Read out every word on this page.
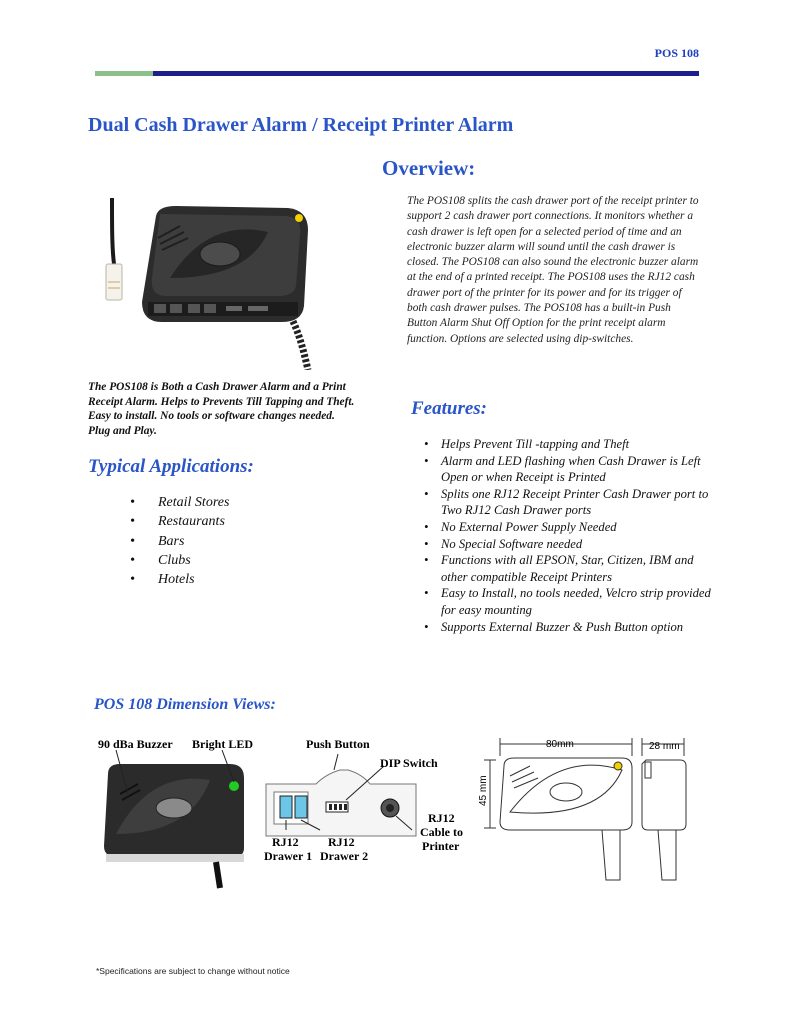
POS 108
Dual Cash Drawer Alarm / Receipt Printer Alarm
Overview:
The POS108 splits the cash drawer port of the receipt printer to support 2 cash drawer port connections. It monitors whether a cash drawer is left open for a selected period of time and an electronic buzzer alarm will sound until the cash drawer is closed. The POS108 can also sound the electronic buzzer alarm at the end of a printed receipt. The POS108 uses the RJ12 cash drawer port of the printer for its power and for its trigger of both cash drawer pulses. The POS108 has a built-in Push Button Alarm Shut Off Option for the print receipt alarm function. Options are selected using dip-switches.
The POS108 is Both a Cash Drawer Alarm and a Print
Receipt Alarm. Helps to Prevents Till Tapping and Theft.
Easy to install. No tools or software changes needed.
Plug and Play.
Features:
• Helps Prevent Till -tapping and Theft
• Alarm and LED flashing when Cash Drawer is Left Open or when Receipt is Printed
• Splits one RJ12 Receipt Printer Cash Drawer port to Two RJ12 Cash Drawer ports
• No External Power Supply Needed
• No Special Software needed
• Functions with all EPSON, Star, Citizen, IBM and other compatible Receipt Printers
• Easy to Install, no tools needed, Velcro strip provided for easy mounting
• Supports External Buzzer & Push Button option
Typical Applications:
• Retail Stores
• Restaurants
• Bars
• Clubs
• Hotels
POS 108 Dimension Views:
90 dBa Buzzer Bright LED	Push Button
DIP Switch
RJ12
Drawer 1
RJ12
Drawer 2
RJ12
Cable to
Printer
80mm	28 mm
45 mm
*Specifications are subject to change without notice
